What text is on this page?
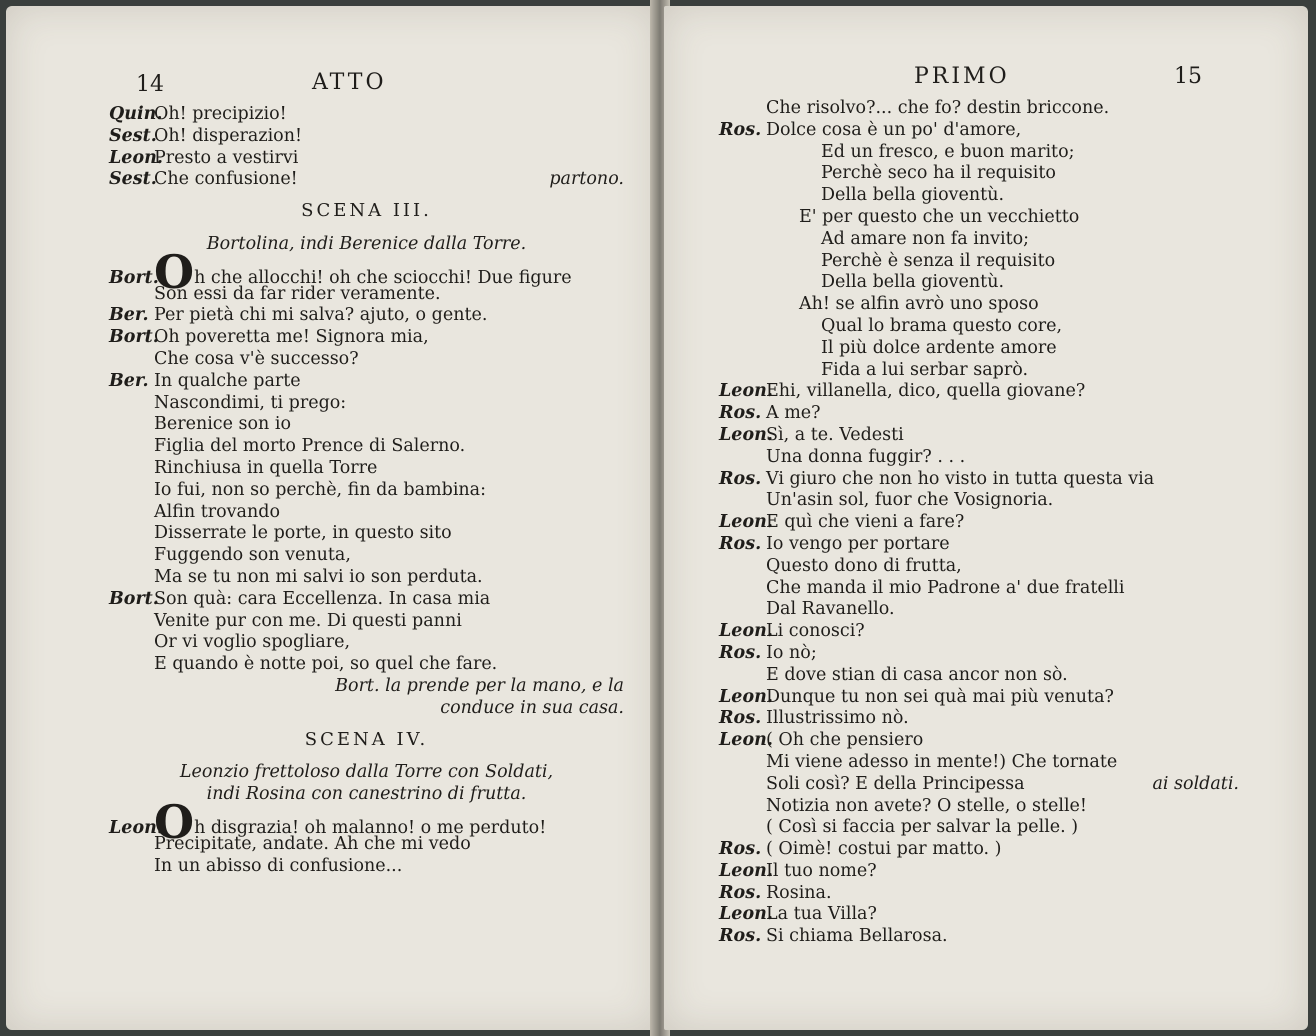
14	ATTO
Quin.Oh! precipizio!
Sest.Oh! disperazion!
Leon.Presto a vestirvi
Sest.Che confusione!	partono.
SCENA III.
Bortolina, indi Berenice dalla Torre.
Bort.Oh che allocchi! oh che sciocchi! Due figure
Son essi da far rider veramente.
Ber. Per pietà chi mi salva? ajuto, o gente.
Bort.Oh poveretta me! Signora mia,
Che cosa v'è successo?
Ber. In qualche parte
Nascondimi, ti prego:
Berenice son io
Figlia del morto Prence di Salerno.
Rinchiusa in quella Torre
Io fui, non so perchè, fin da bambina:
Alfin trovando
Disserrate le porte, in questo sito
Fuggendo son venuta,
Ma se tu non mi salvi io son perduta.
Bort.Son quà: cara Eccellenza. In casa mia
Venite pur con me. Di questi panni
Or vi voglio spogliare,
E quando è notte poi, so quel che fare.
Bort. la prende per la mano, e la
conduce in sua casa.
SCENA IV.
Leonzio frettoloso dalla Torre con Soldati,
indi Rosina con canestrino di frutta.
Leon.Oh disgrazia! oh malanno! o me perduto!
Precipitate, andate. Ah che mi vedo
In un abisso di confusione...
PRIMO	15
Che risolvo?... che fo? destin briccone.
Ros. Dolce cosa è un po' d'amore,
Ed un fresco, e buon marito;
Perchè seco ha il requisito
Della bella gioventù.
E' per questo che un vecchietto
Ad amare non fa invito;
Perchè è senza il requisito
Della bella gioventù.
Ah! se alfin avrò uno sposo
Qual lo brama questo core,
Il più dolce ardente amore
Fida a lui serbar saprò.
Leon.Ehi, villanella, dico, quella giovane?
Ros. A me?
Leon.Sì, a te. Vedesti
Una donna fuggir? . . .
Ros. Vi giuro che non ho visto in tutta questa via
Un'asin sol, fuor che Vosignoria.
Leon.E quì che vieni a fare?
Ros. Io vengo per portare
Questo dono di frutta,
Che manda il mio Padrone a' due fratelli
Dal Ravanello.
Leon.Li conosci?
Ros. Io nò;
E dove stian di casa ancor non sò.
Leon.Dunque tu non sei quà mai più venuta?
Ros. Illustrissimo nò.
Leon.( Oh che pensiero
Mi viene adesso in mente!) Che tornate
Soli così? E della Principessa	ai soldati.
Notizia non avete? O stelle, o stelle!
( Così si faccia per salvar la pelle. )
Ros. ( Oimè! costui par matto. )
Leon.Il tuo nome?
Ros. Rosina.
Leon.La tua Villa?
Ros. Si chiama Bellarosa.
